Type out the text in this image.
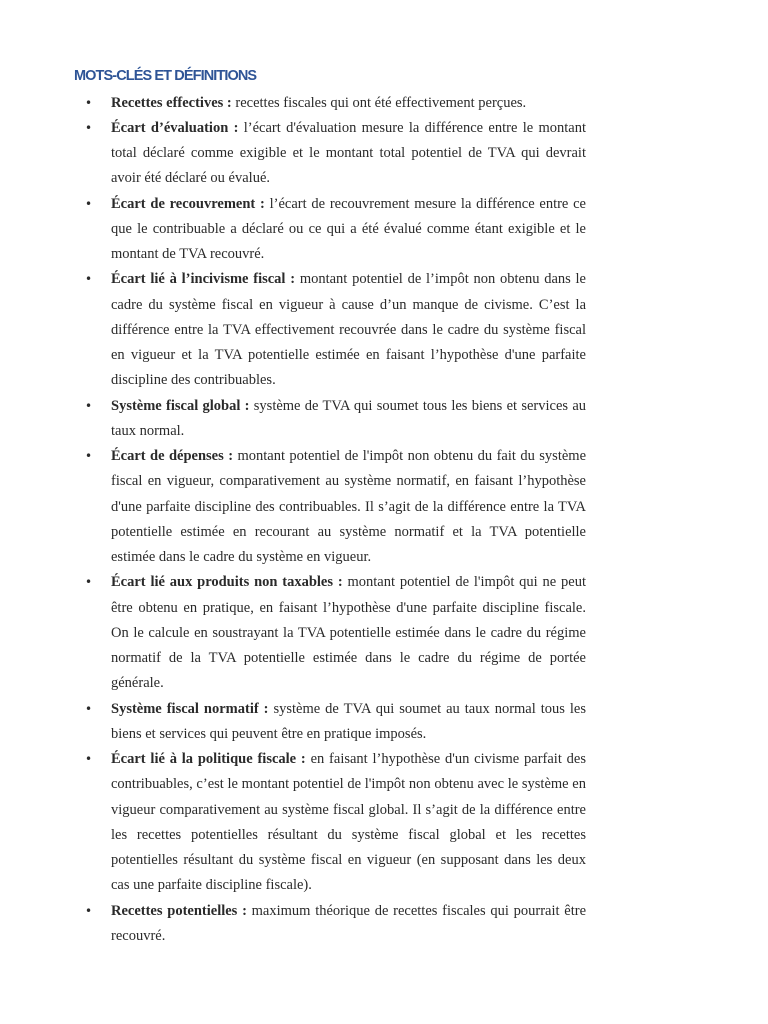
MOTS-CLÉS ET DÉFINITIONS
• Recettes effectives : recettes fiscales qui ont été effectivement perçues.
• Écart d’évaluation : l’écart d'évaluation mesure la différence entre le montant total déclaré comme exigible et le montant total potentiel de TVA qui devrait avoir été déclaré ou évalué.
• Écart de recouvrement : l’écart de recouvrement mesure la différence entre ce que le contribuable a déclaré ou ce qui a été évalué comme étant exigible et le montant de TVA recouvré.
• Écart lié à l’incivisme fiscal : montant potentiel de l’impôt non obtenu dans le cadre du système fiscal en vigueur à cause d’un manque de civisme. C’est la différence entre la TVA effectivement recouvrée dans le cadre du système fiscal en vigueur et la TVA potentielle estimée en faisant l’hypothèse d'une parfaite discipline des contribuables.
• Système fiscal global : système de TVA qui soumet tous les biens et services au taux normal.
• Écart de dépenses : montant potentiel de l'impôt non obtenu du fait du système fiscal en vigueur, comparativement au système normatif, en faisant l’hypothèse d'une parfaite discipline des contribuables. Il s’agit de la différence entre la TVA potentielle estimée en recourant au système normatif et la TVA potentielle estimée dans le cadre du système en vigueur.
• Écart lié aux produits non taxables : montant potentiel de l'impôt qui ne peut être obtenu en pratique, en faisant l’hypothèse d'une parfaite discipline fiscale. On le calcule en soustrayant la TVA potentielle estimée dans le cadre du régime normatif de la TVA potentielle estimée dans le cadre du régime de portée générale.
• Système fiscal normatif : système de TVA qui soumet au taux normal tous les biens et services qui peuvent être en pratique imposés.
• Écart lié à la politique fiscale : en faisant l’hypothèse d'un civisme parfait des contribuables, c’est le montant potentiel de l'impôt non obtenu avec le système en vigueur comparativement au système fiscal global. Il s’agit de la différence entre les recettes potentielles résultant du système fiscal global et les recettes potentielles résultant du système fiscal en vigueur (en supposant dans les deux cas une parfaite discipline fiscale).
• Recettes potentielles : maximum théorique de recettes fiscales qui pourrait être recouvré.
